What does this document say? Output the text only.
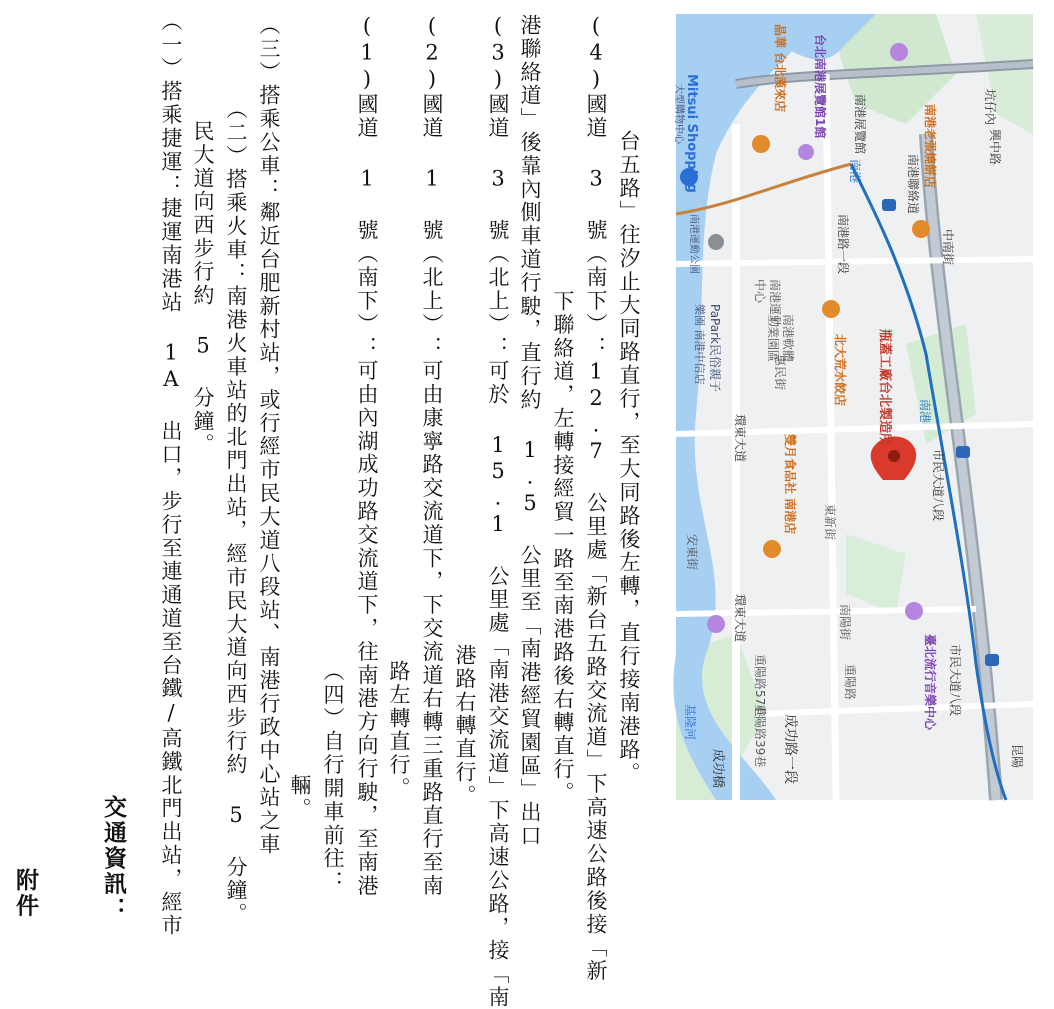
附件	交通資訊： （一）搭乘捷運：捷運南港站 1A 出口，步行至連通道至台鐵/高鐵北門出站，經市 民大道向西步行約 5 分鐘。 （二）搭乘火車：南港火車站的北門出站，經市民大道向西步行約 5 分鐘。 （三）搭乘公車：鄰近台肥新村站，或行經市民大道八段站、南港行政中心站之車 輛。 （四）自行開車前往： (1)國道 1 號（南下）：可由內湖成功路交流道下，往南港方向行駛，至南港 路左轉直行。 (2)國道 1 號（北上）：可由康寧路交流道下，下交流道右轉三重路直行至南 港路右轉直行。 (3)國道 3 號（北上）：可於 15.1 公里處「南港交流道」下高速公路，接「南 港聯絡道」後靠內側車道行駛，直行約 1.5 公里至「南港經貿園區」出口 下聯絡道，左轉接經貿一路至南港路後右轉直行。 (4)國道 3 號（南下）：12.7 公里處「新台五路交流道」下高速公路後接「新 台五路」往汐止大同路直行，至大同路後左轉，直行接南港路。	Mitsui Shopping
大型購物中心	坑仔內
南港聯絡道
環東大道
環東大道
成功路一段
成功橋
南港路一段
市民大道八段
市民大道八段
中南街
興中路
南港
南港
南港展覽館
昆陽
南港運動公園
PaPark民俗親子
樂園 南港中信店
南港運動
中心
南港軟體
工業園區
惠民街	北大荒水餃店 瓶蓋工廠台北製造所
雙月食品社 南港店
南港老張燒餅店
晶華 台北漢來店 台北南港展覽館1館
臺北流行音樂中心
東新街
南陽街
安東街
重陽路57巷
重陽路39巷
重陽路
基隆河
